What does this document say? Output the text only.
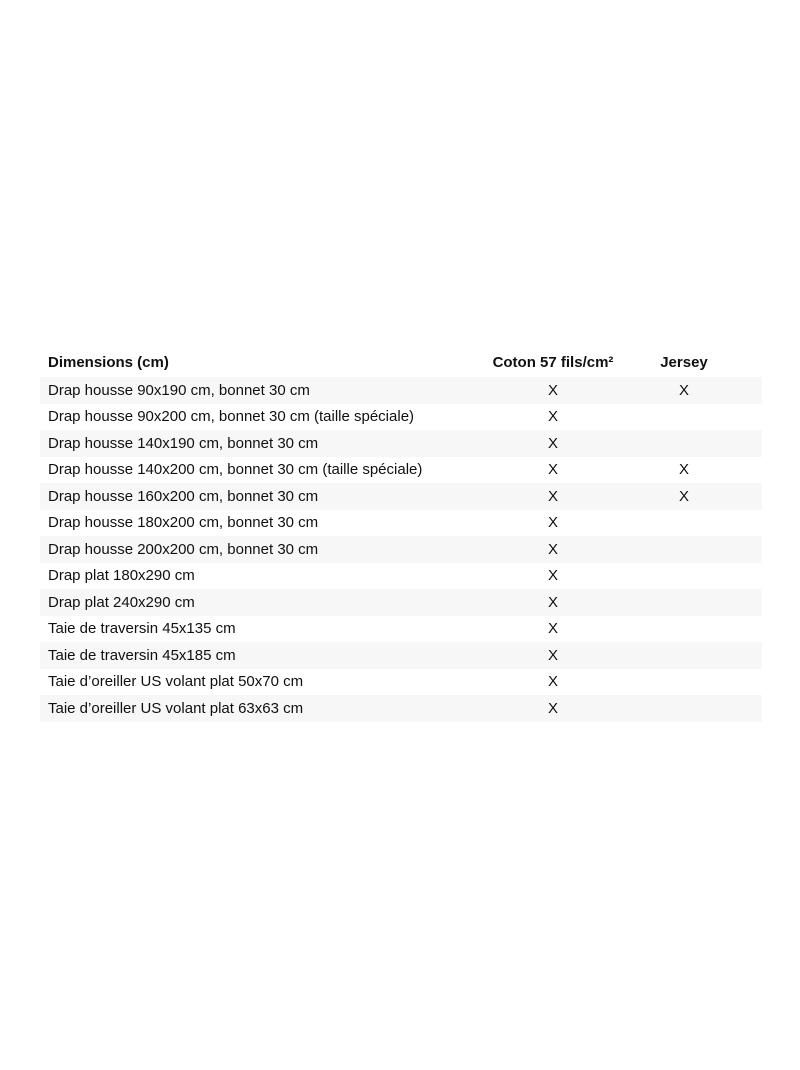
Dimensions (cm)	Coton 57 fils/cm²	Jersey
Drap housse 90x190 cm, bonnet 30 cm	X	X
Drap housse 90x200 cm, bonnet 30 cm (taille spéciale)	X
Drap housse 140x190 cm, bonnet 30 cm	X
Drap housse 140x200 cm, bonnet 30 cm (taille spéciale)	X	X
Drap housse 160x200 cm, bonnet 30 cm	X	X
Drap housse 180x200 cm, bonnet 30 cm	X
Drap housse 200x200 cm, bonnet 30 cm	X
Drap plat 180x290 cm	X
Drap plat 240x290 cm	X
Taie de traversin 45x135 cm	X
Taie de traversin 45x185 cm	X
Taie d’oreiller US volant plat 50x70 cm	X
Taie d’oreiller US volant plat 63x63 cm	X
